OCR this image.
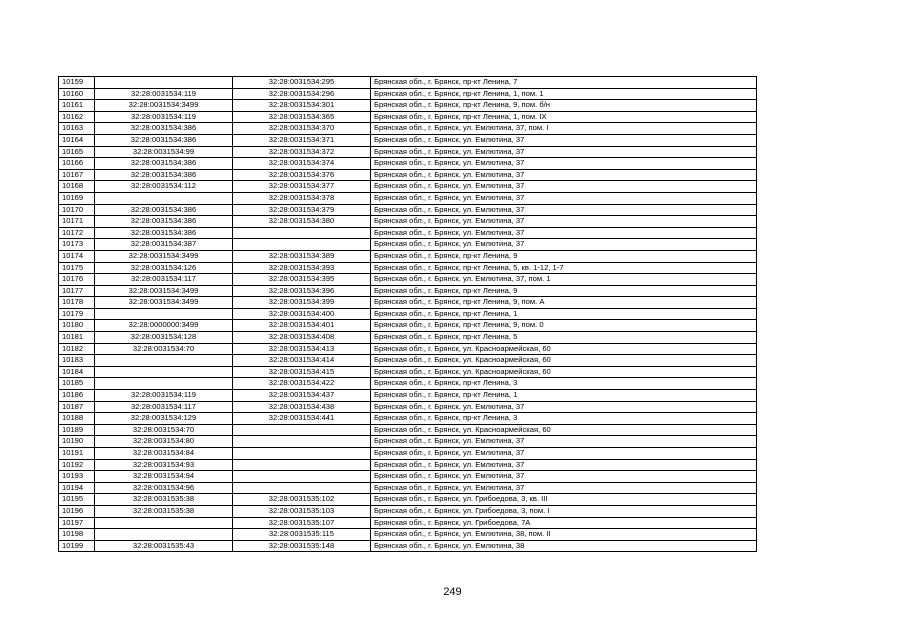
10159		32:28:0031534:295	Брянская обл., г. Брянск, пр-кт Ленина, 7
10160	32:28:0031534:119	32:28:0031534:296	Брянская обл., г. Брянск, пр-кт Ленина, 1, пом. 1
10161	32:28:0031534:3499	32:28:0031534:301	Брянская обл., г. Брянск, пр-кт Ленина, 9, пом. б/н
10162	32:28:0031534:119	32:28:0031534:365	Брянская обл., г. Брянск, пр-кт Ленина, 1, пом. IX
10163	32:28:0031534:386	32:28:0031534:370	Брянская обл., г. Брянск, ул. Емлютина, 37, пом. I
10164	32:28:0031534:386	32:28:0031534:371	Брянская обл., г. Брянск, ул. Емлютина, 37
10165	32:28:0031534:99	32:28:0031534:372	Брянская обл., г. Брянск, ул. Емлютина, 37
10166	32:28:0031534:386	32:28:0031534:374	Брянская обл., г. Брянск, ул. Емлютина, 37
10167	32:28:0031534:386	32:28:0031534:376	Брянская обл., г. Брянск, ул. Емлютина, 37
10168	32:28:0031534:112	32:28:0031534:377	Брянская обл., г. Брянск, ул. Емлютина, 37
10169		32:28:0031534:378	Брянская обл., г. Брянск, ул. Емлютина, 37
10170	32:28:0031534:386	32:28:0031534:379	Брянская обл., г. Брянск, ул. Емлютина, 37
10171	32:28:0031534:386	32:28:0031534:380	Брянская обл., г. Брянск, ул. Емлютина, 37
10172	32:28:0031534:386		Брянская обл., г. Брянск, ул. Емлютина, 37
10173	32:28:0031534:387		Брянская обл., г. Брянск, ул. Емлютина, 37
10174	32:28:0031534:3499	32:28:0031534:389	Брянская обл., г. Брянск, пр-кт Ленина, 9
10175	32:28:0031534:126	32:28:0031534:393	Брянская обл., г. Брянск, пр-кт Ленина, 5, кв. 1-12, 1-7
10176	32:28:0031534:117	32:28:0031534:395	Брянская обл., г. Брянск, ул. Емлютина, 37, пом. 1
10177	32:28:0031534:3499	32:28:0031534:396	Брянская обл., г. Брянск, пр-кт Ленина, 9
10178	32:28:0031534:3499	32:28:0031534:399	Брянская обл., г. Брянск, пр-кт Ленина, 9, пом. А
10179		32:28:0031534:400	Брянская обл., г. Брянск, пр-кт Ленина, 1
10180	32:28:0000000:3499	32:28:0031534:401	Брянская обл., г. Брянск, пр-кт Ленина, 9, пом. 0
10181	32:28:0031534:128	32:28:0031534:408	Брянская обл., г. Брянск, пр-кт Ленина, 5
10182	32:28:0031534:70	32:28:0031534:413	Брянская обл., г. Брянск, ул. Красноармейская, 60
10183		32:28:0031534:414	Брянская обл., г. Брянск, ул. Красноармейская, 60
10184		32:28:0031534:415	Брянская обл., г. Брянск, ул. Красноармейская, 60
10185		32:28:0031534:422	Брянская обл., г. Брянск, пр-кт Ленина, 3
10186	32:28:0031534:119	32:28:0031534:437	Брянская обл., г. Брянск, пр-кт Ленина, 1
10187	32:28:0031534:117	32:28:0031534:438	Брянская обл., г. Брянск, ул. Емлютина, 37
10188	32:28:0031534:129	32:28:0031534:441	Брянская обл., г. Брянск, пр-кт Ленина, 3
10189	32:28:0031534:70		Брянская обл., г. Брянск, ул. Красноармейская, 60
10190	32:28:0031534:80		Брянская обл., г. Брянск, ул. Емлютина, 37
10191	32:28:0031534:84		Брянская обл., г. Брянск, ул. Емлютина, 37
10192	32:28:0031534:93		Брянская обл., г. Брянск, ул. Емлютина, 37
10193	32:28:0031534:94		Брянская обл., г. Брянск, ул. Емлютина, 37
10194	32:28:0031534:96		Брянская обл., г. Брянск, ул. Емлютина, 37
10195	32:28:0031535:38	32:28:0031535:102	Брянская обл., г. Брянск, ул. Грибоедова, 3, кв. III
10196	32:28:0031535:38	32:28:0031535:103	Брянская обл., г. Брянск, ул. Грибоедова, 3, пом. I
10197		32:28:0031535:107	Брянская обл., г. Брянск, ул. Грибоедова, 7А
10198		32:28:0031535:115	Брянская обл., г. Брянск, ул. Емлютина, 38, пом. II
10199	32:28:0031535:43	32:28:0031535:148	Брянская обл., г. Брянск, ул. Емлютина, 38
249
